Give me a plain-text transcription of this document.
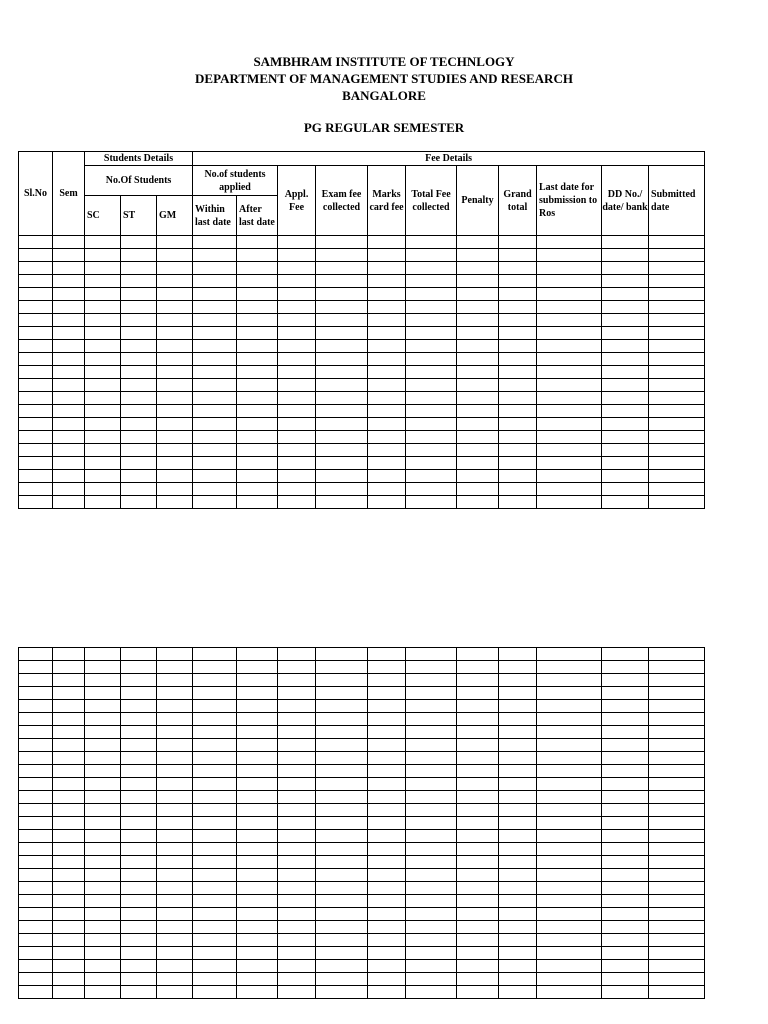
SAMBHRAM INSTITUTE OF TECHNLOGY
DEPARTMENT OF MANAGEMENT STUDIES AND RESEARCH
BANGALORE
PG REGULAR SEMESTER
Sl.No	Sem	Students Details			Fee Details										
		No.Of Students			No.of students applied		Appl. Fee	Exam fee collected	Marks card fee	Total Fee collected	Penalty	Grand total	Last date for submission to Ros	DD No./ date/ bank	Submitted date
		SC	ST	GM	Within last date	After last date									
